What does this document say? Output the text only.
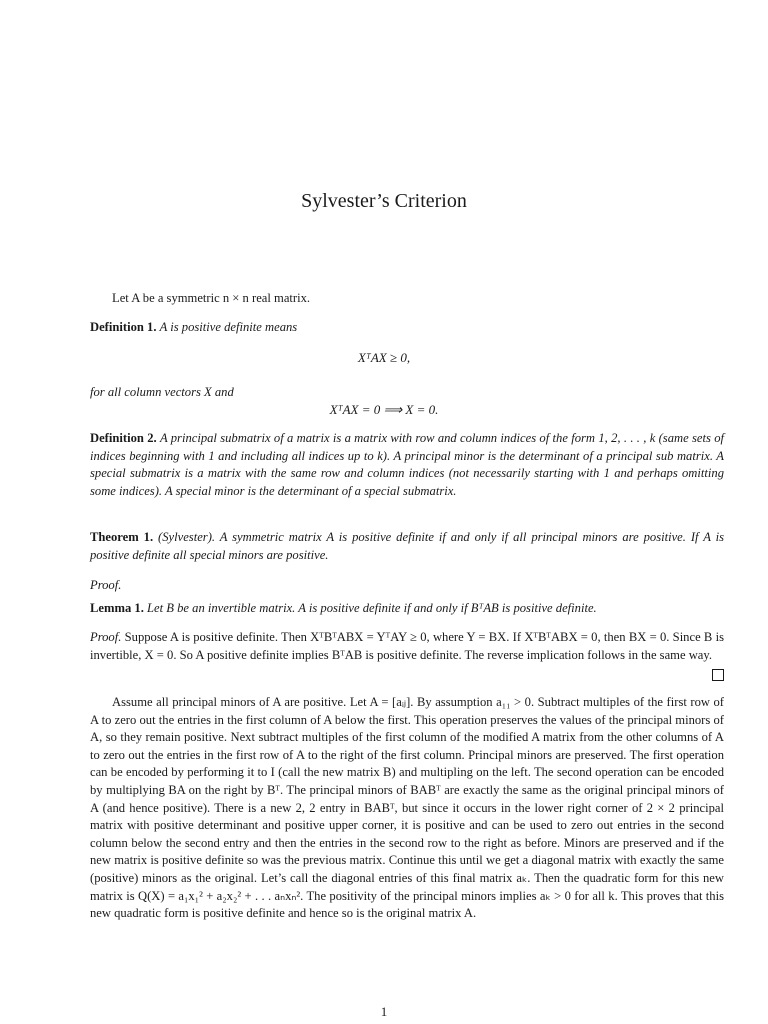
Sylvester’s Criterion
Let A be a symmetric n × n real matrix.
Definition 1. A is positive definite means
XᵀAX ≥ 0,
for all column vectors X and
XᵀAX = 0 ⟹ X = 0.
Definition 2. A principal submatrix of a matrix is a matrix with row and column indices of the form 1, 2, . . . , k (same sets of indices beginning with 1 and including all indices up to k). A principal minor is the determinant of a principal sub matrix. A special submatrix is a matrix with the same row and column indices (not necessarily starting with 1 and perhaps omitting some indices). A special minor is the determinant of a special submatrix.
Theorem 1. (Sylvester). A symmetric matrix A is positive definite if and only if all principal minors are positive. If A is positive definite all special minors are positive.
Proof.
Lemma 1. Let B be an invertible matrix. A is positive definite if and only if BᵀAB is positive definite.
Proof. Suppose A is positive definite. Then XᵀBᵀABX = YᵀAY ≥ 0, where Y = BX. If XᵀBᵀABX = 0, then BX = 0. Since B is invertible, X = 0. So A positive definite implies BᵀAB is positive definite. The reverse implication follows in the same way.
Assume all principal minors of A are positive. Let A = [aᵢⱼ]. By assumption a₁₁ > 0. Subtract multiples of the first row of A to zero out the entries in the first column of A below the first. This operation preserves the values of the principal minors of A, so they remain positive. Next subtract multiples of the first column of the modified A matrix from the other columns of A to zero out the entries in the first row of A to the right of the first column. Principal minors are preserved. The first operation can be encoded by performing it to I (call the new matrix B) and multipling on the left. The second operation can be encoded by multiplying BA on the right by Bᵀ. The principal minors of BABᵀ are exactly the same as the original principal minors of A (and hence positive). There is a new 2, 2 entry in BABᵀ, but since it occurs in the lower right corner of 2 × 2 principal matrix with positive determinant and positive upper corner, it is positive and can be used to zero out entries in the second column below the second entry and then the entries in the second row to the right as before. Minors are preserved and if the new matrix is positive definite so was the previous matrix. Continue this until we get a diagonal matrix with exactly the same (positive) minors as the original. Let’s call the diagonal entries of this final matrix aₖ. Then the quadratic form for this new matrix is Q(X) = a₁x₁² + a₂x₂² + . . . aₙxₙ². The positivity of the principal minors implies aₖ > 0 for all k. This proves that this new quadratic form is positive definite and hence so is the original matrix A.
1
